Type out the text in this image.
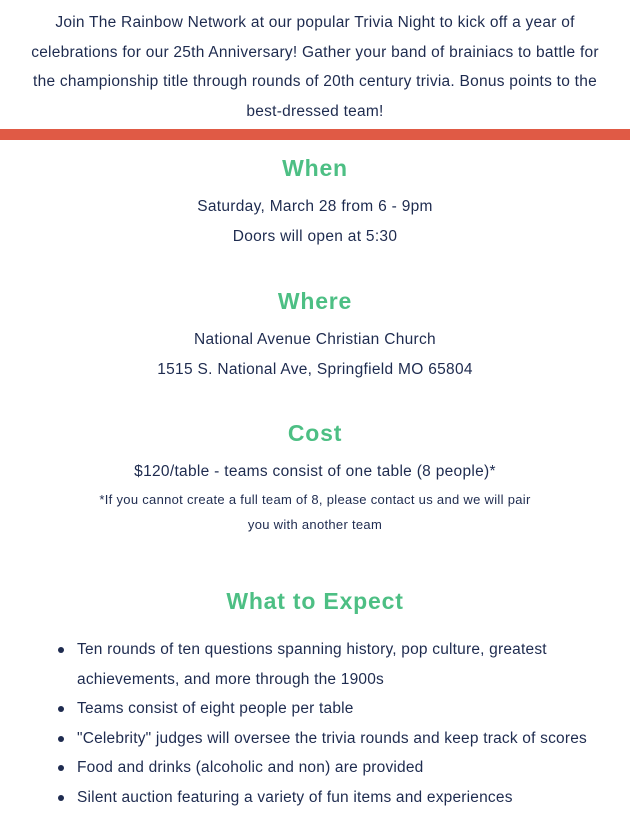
Join The Rainbow Network at our popular Trivia Night to kick off a year of celebrations for our 25th Anniversary! Gather your band of brainiacs to battle for the championship title through rounds of 20th century trivia. Bonus points to the best-dressed team!

When

Saturday, March 28 from 6 - 9pm

Doors will open at 5:30

Where

National Avenue Christian Church

1515 S. National Ave, Springfield MO 65804

Cost

$120/table - teams consist of one table (8 people)*

*If you cannot create a full team of 8, please contact us and we will pair

you with another team

What to Expect
Ten rounds of ten questions spanning history, pop culture, greatest achievements, and more through the 1900s
Teams consist of eight people per table
"Celebrity" judges will oversee the trivia rounds and keep track of scores
Food and drinks (alcoholic and non) are provided
Silent auction featuring a variety of fun items and experiences
